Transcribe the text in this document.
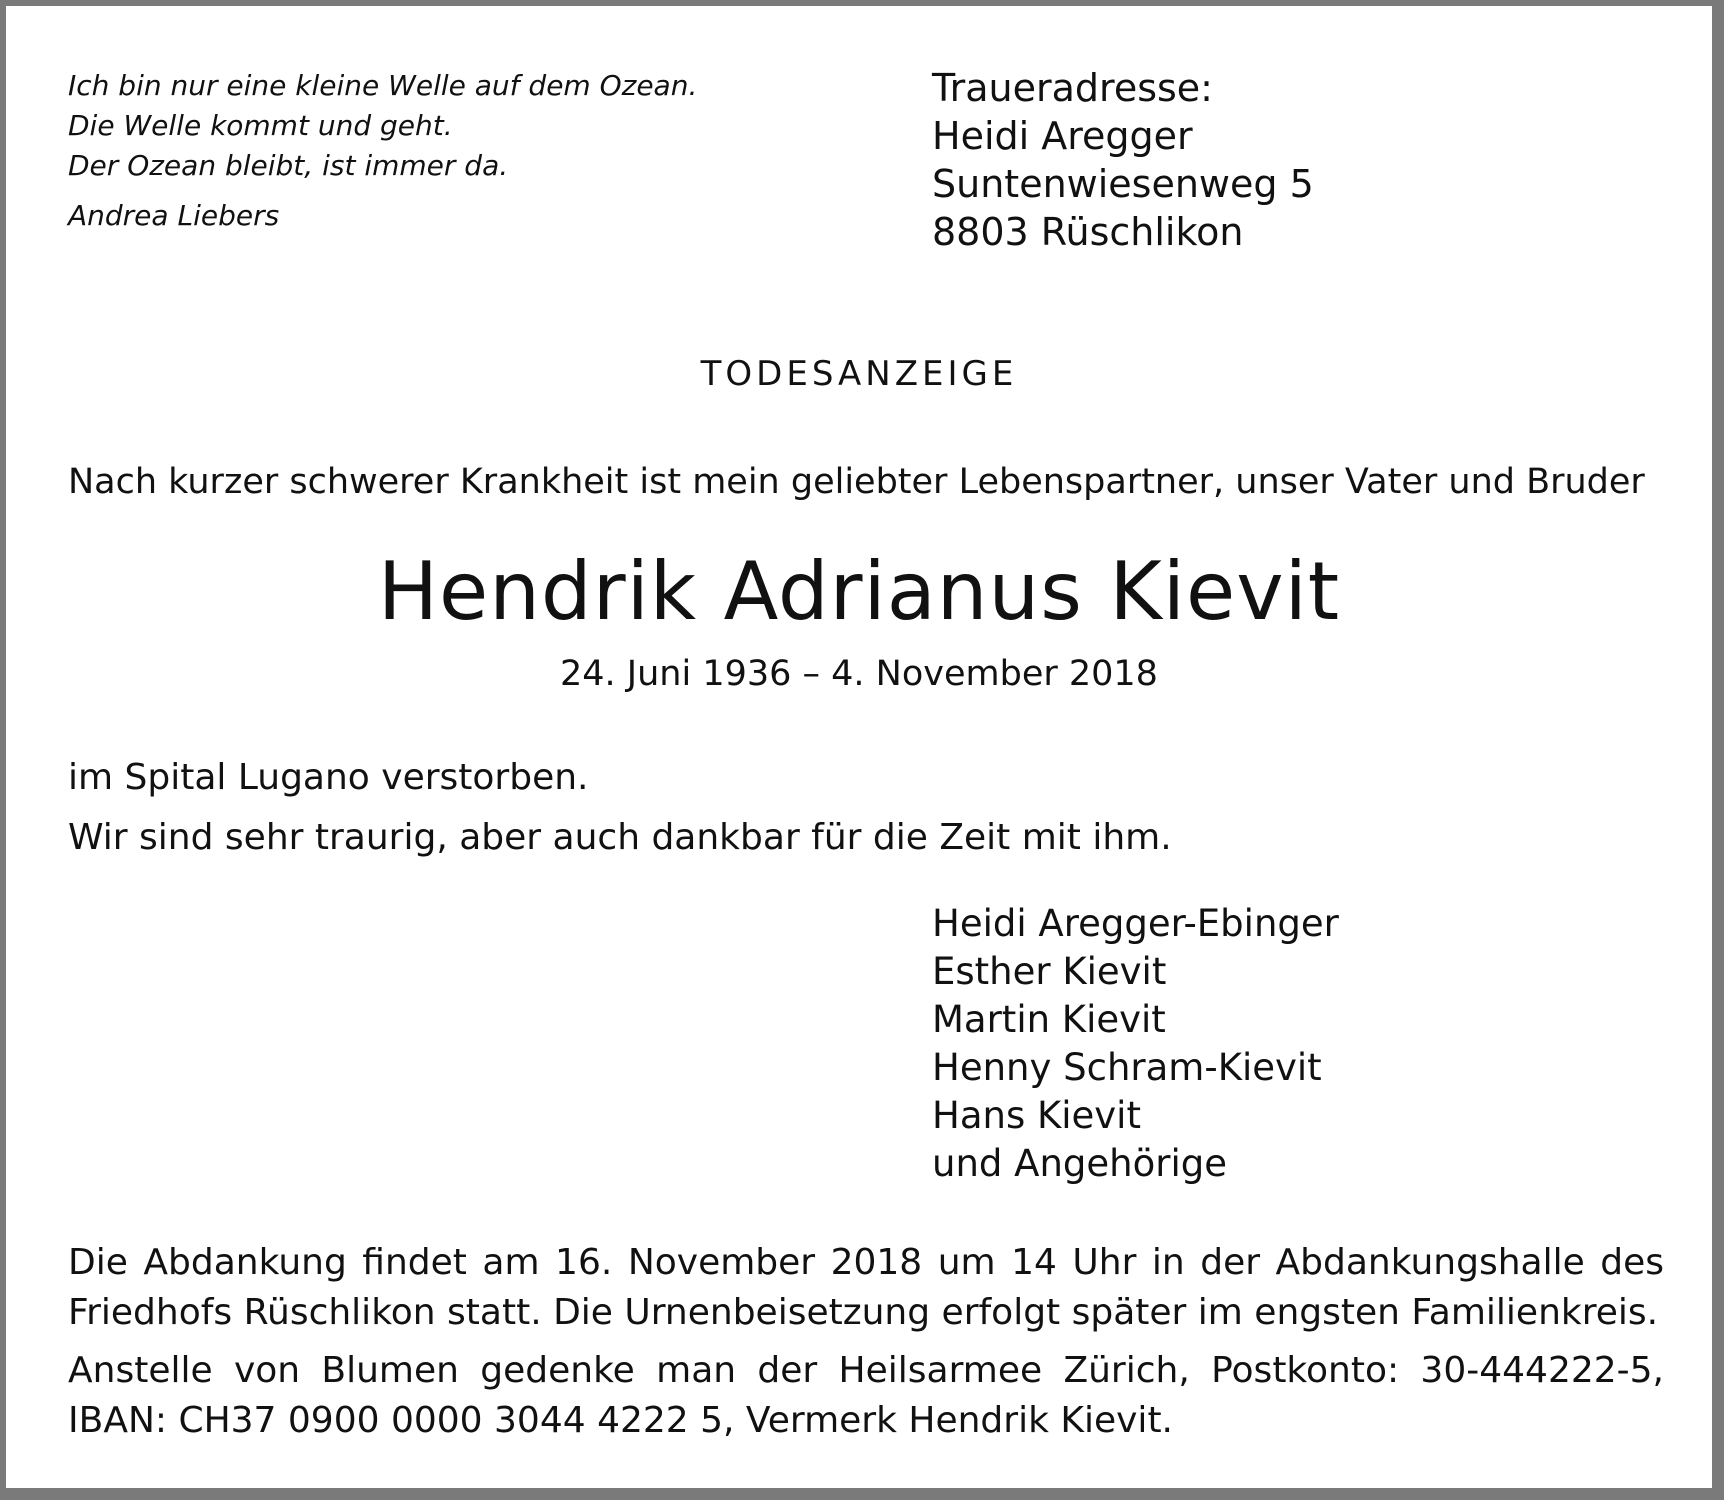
Ich bin nur eine kleine Welle auf dem Ozean.
Die Welle kommt und geht.
Der Ozean bleibt, ist immer da.
Andrea Liebers
Traueradresse:
Heidi Aregger
Suntenwiesenweg 5
8803 Rüschlikon
TODESANZEIGE
Nach kurzer schwerer Krankheit ist mein geliebter Lebenspartner, unser Vater und Bruder
Hendrik Adrianus Kievit
24. Juni 1936 – 4. November 2018
im Spital Lugano verstorben.
Wir sind sehr traurig, aber auch dankbar für die Zeit mit ihm.
Heidi Aregger-Ebinger
Esther Kievit
Martin Kievit
Henny Schram-Kievit
Hans Kievit
und Angehörige

Die Abdankung findet am 16. November 2018 um 14 Uhr in der Abdankungshalle des Friedhofs Rüschlikon statt. Die Urnenbeisetzung erfolgt später im engsten Familienkreis.

Anstelle von Blumen gedenke man der Heilsarmee Zürich, Postkonto: 30-444222-5, IBAN: CH37 0900 0000 3044 4222 5, Vermerk Hendrik Kievit.
